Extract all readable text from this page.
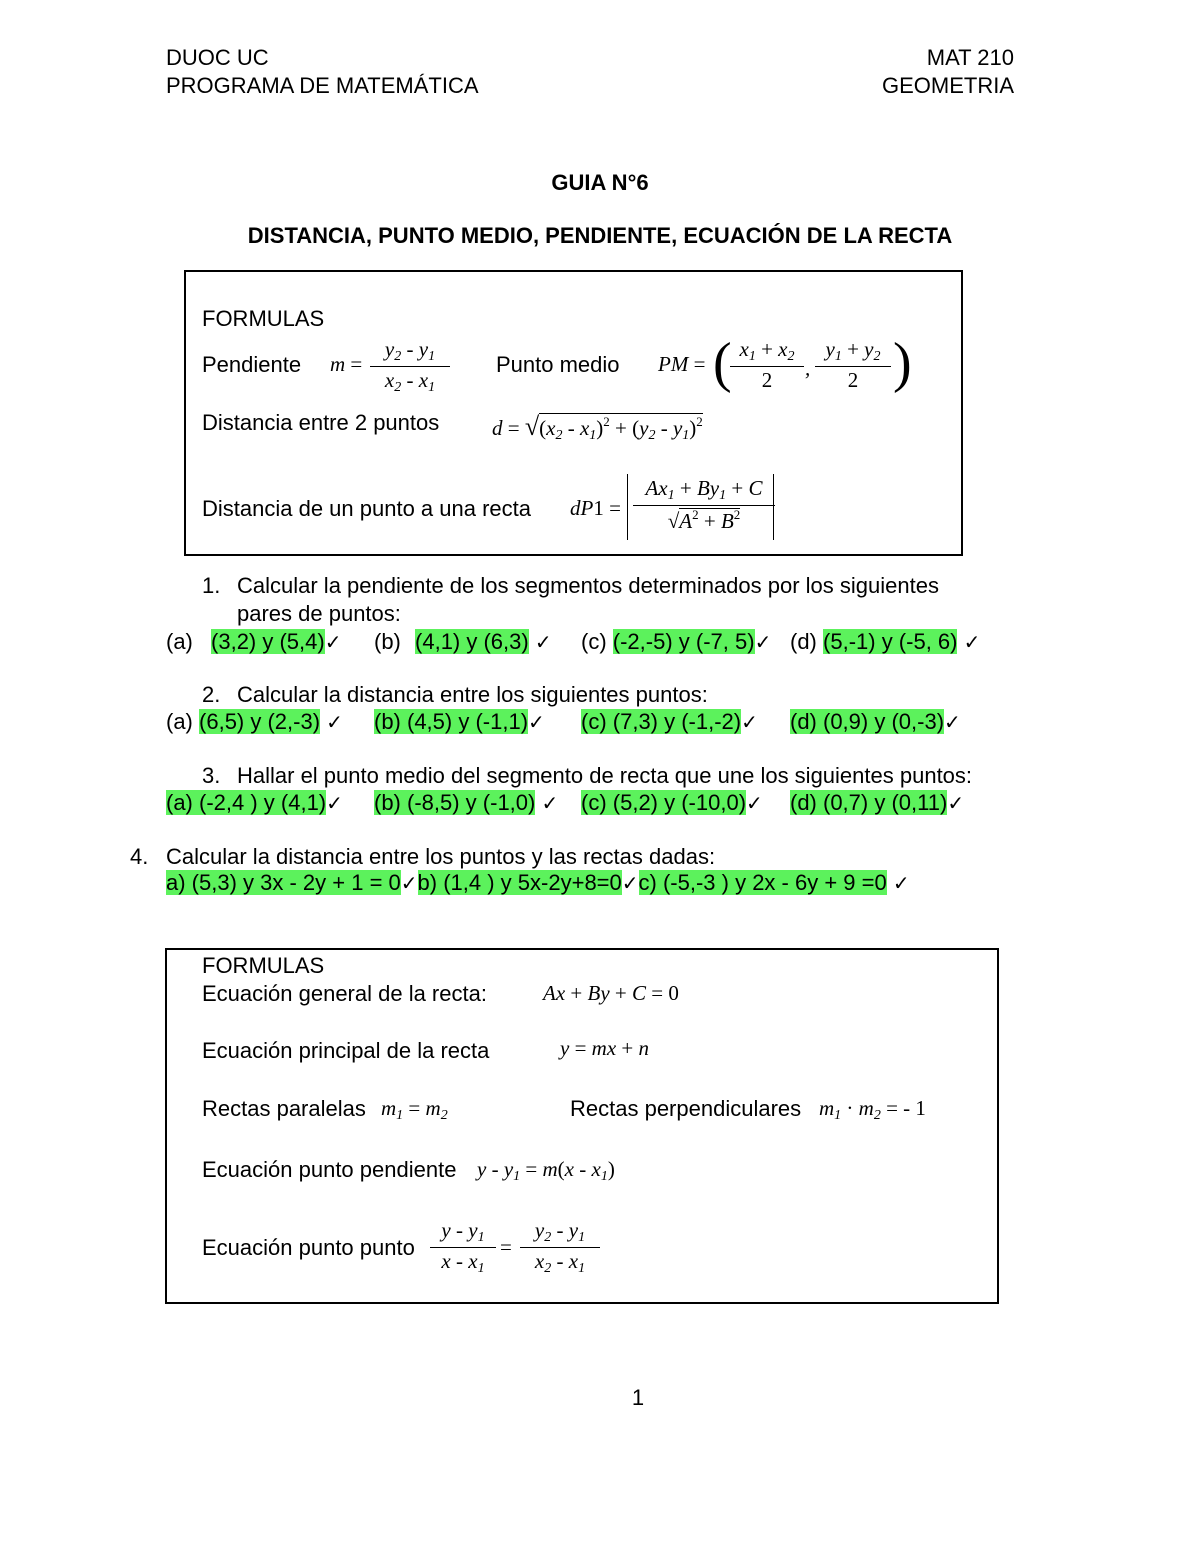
DUOC UC
PROGRAMA DE MATEMÁTICA
MAT 210
GEOMETRIA
GUIA N°6
DISTANCIA, PUNTO MEDIO, PENDIENTE, ECUACIÓN DE LA RECTA
FORMULAS
Pendiente m =
$y_2 - y_1$
$x_2 - x_1$
Punto medio PM = ( $x_1 + x_2$
2	,
$y_1 + y_2$
2 )
Distancia entre 2 puntos	$d = √(x_2 - x_1)^2 + (y_2 - y_1)^2$
Distancia de un punto a una recta dP1 =
$Ax_1 + By_1 + C$
$√A^2 + B^2$
1. Calcular la pendiente de los segmentos determinados por los siguientes
pares de puntos:
(a) (3,2) y (5,4)✓ (b) (4,1) y (6,3) ✓ (c) (-2,-5) y (-7, 5)✓ (d) (5,-1) y (-5, 6) ✓
2. Calcular la distancia entre los siguientes puntos:
(a) (6,5) y (2,-3) ✓ (b) (4,5) y (-1,1)✓ (c) (7,3) y (-1,-2)✓ (d) (0,9) y (0,-3)✓
3. Hallar el punto medio del segmento de recta que une los siguientes puntos:
(a) (-2,4 ) y (4,1)✓ (b) (-8,5) y (-1,0) ✓ (c) (5,2) y (-10,0)✓ (d) (0,7) y (0,11)✓
4. Calcular la distancia entre los puntos y las rectas dadas:
a) (5,3) y 3x - 2y + 1 = 0✓b) (1,4 ) y 5x-2y+8=0✓c) (-5,-3 ) y 2x - 6y + 9 =0 ✓
FORMULAS
Ecuación general de la recta:	Ax + By + C = 0
Ecuación principal de la recta	y = mx + n
Rectas paralelas $m_1 = m_2$	Rectas perpendiculares $m_1 \cdot m_2$ = - 1
Ecuación punto pendiente $y - y_1 = m(x - x_1)$
Ecuación punto punto
y - $y_1$
x - $x_1$
=
$y_2 - y_1$
$x_2 - x_1$
1
